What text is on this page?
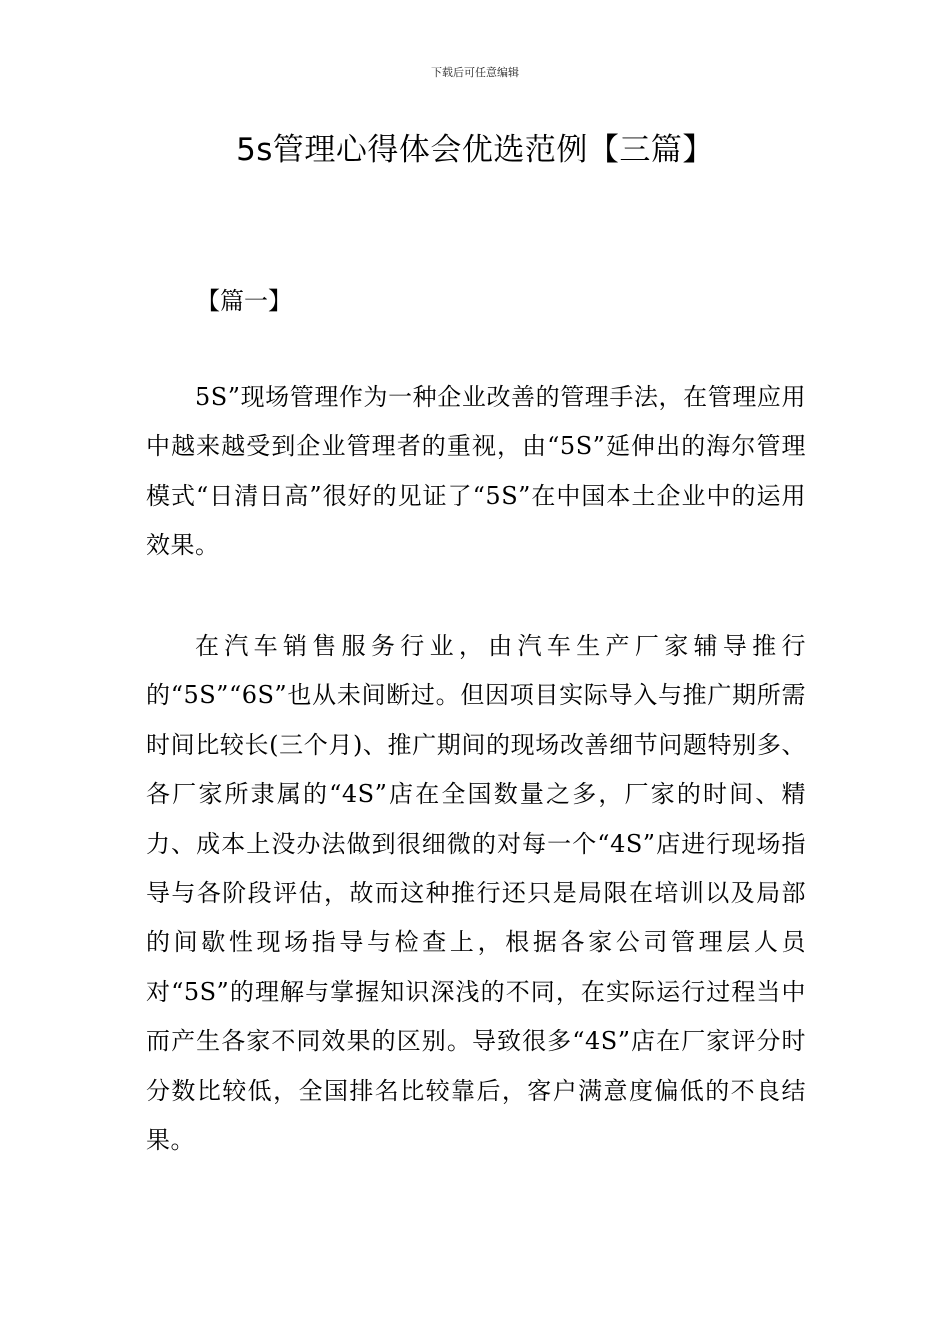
下载后可任意编辑
5s管理心得体会优选范例【三篇】
【篇一】

5S”现场管理作为一种企业改善的管理手法，在管理应用中越来越受到企业管理者的重视，由“5S”延伸出的海尔管理模式“日清日高”很好的见证了“5S”在中国本土企业中的运用效果。

在汽车销售服务行业，由汽车生产厂家辅导推行的“5S”“6S”也从未间断过。但因项目实际导入与推广期所需时间比较长(三个月)、推广期间的现场改善细节问题特别多、各厂家所隶属的“4S”店在全国数量之多，厂家的时间、精力、成本上没办法做到很细微的对每一个“4S”店进行现场指导与各阶段评估，故而这种推行还只是局限在培训以及局部的间歇性现场指导与检查上，根据各家公司管理层人员对“5S”的理解与掌握知识深浅的不同，在实际运行过程当中而产生各家不同效果的区别。导致很多“4S”店在厂家评分时分数比较低，全国排名比较靠后，客户满意度偏低的不良结果。
